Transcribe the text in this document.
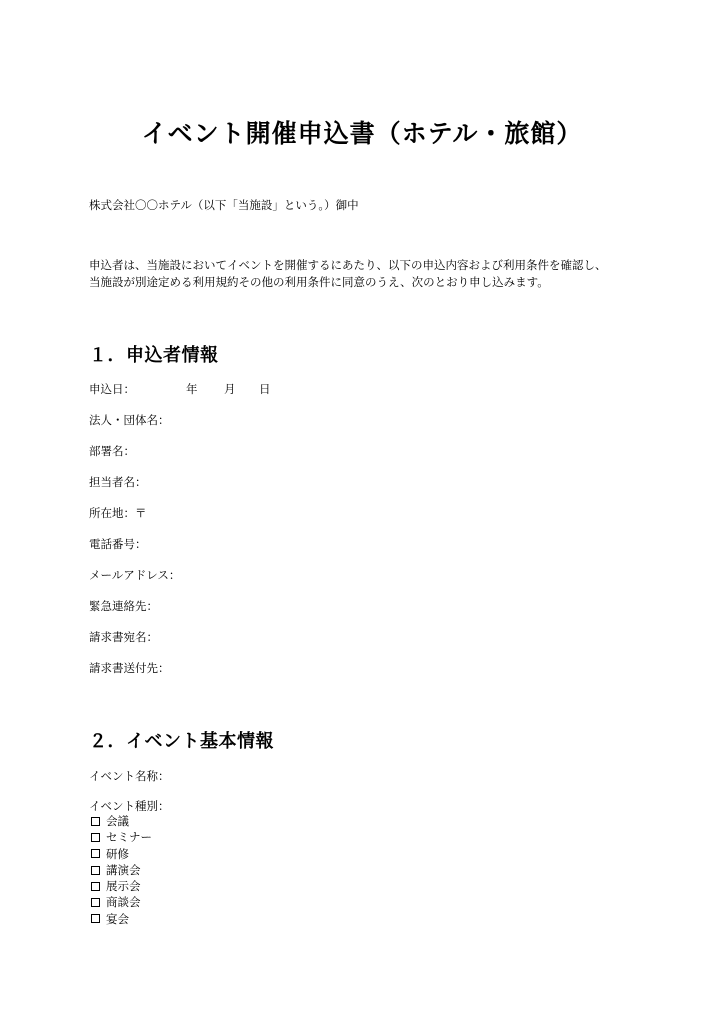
イベント開催申込書（ホテル・旅館）
株式会社〇〇ホテル（以下「当施設」という。）御中
申込者は、当施設においてイベントを開催するにあたり、以下の申込内容および利用条件を確認し、
当施設が別途定める利用規約その他の利用条件に同意のうえ、次のとおり申し込みます。
１．申込者情報
申込日：	年 月 日
法人・団体名：
部署名：
担当者名：
所在地：〒
電話番号：
メールアドレス：
緊急連絡先：
請求書宛名：
請求書送付先：
２．イベント基本情報
イベント名称：
イベント種別：
会議
セミナー
研修
講演会
展示会
商談会
宴会
